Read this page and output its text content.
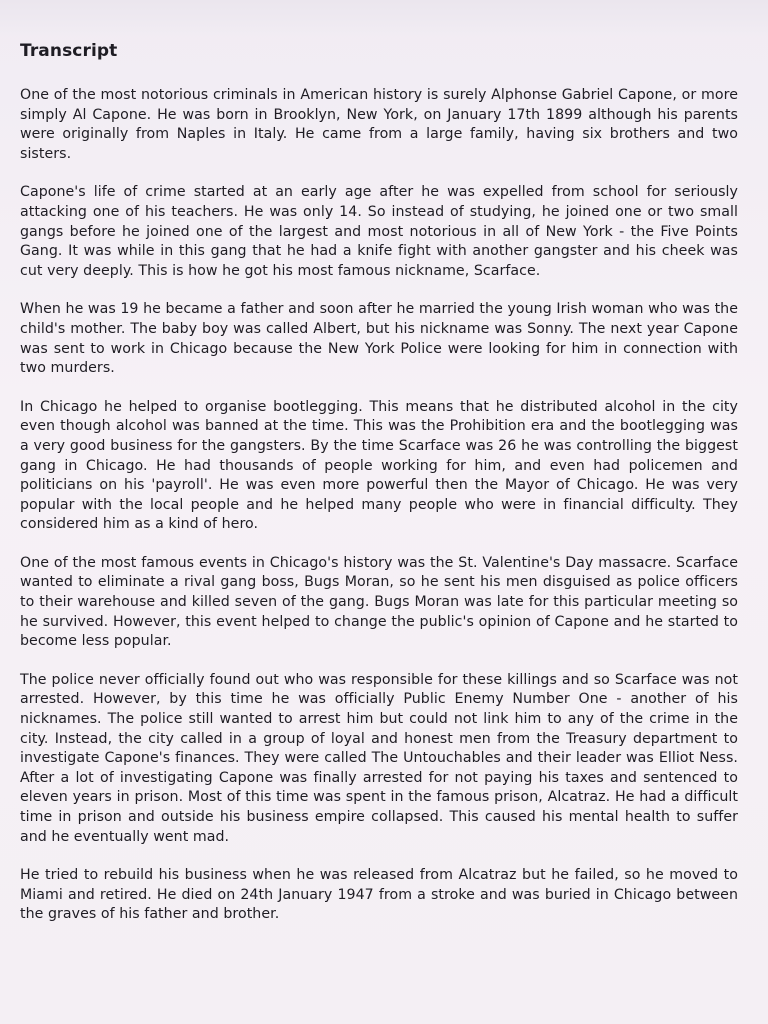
Transcript

One of the most notorious criminals in American history is surely Alphonse Gabriel Capone, or more simply Al Capone. He was born in Brooklyn, New York, on January 17th 1899 although his parents were originally from Naples in Italy. He came from a large family, having six brothers and two sisters.

Capone's life of crime started at an early age after he was expelled from school for seriously attacking one of his teachers. He was only 14. So instead of studying, he joined one or two small gangs before he joined one of the largest and most notorious in all of New York - the Five Points Gang. It was while in this gang that he had a knife fight with another gangster and his cheek was cut very deeply. This is how he got his most famous nickname, Scarface.

When he was 19 he became a father and soon after he married the young Irish woman who was the child's mother. The baby boy was called Albert, but his nickname was Sonny. The next year Capone was sent to work in Chicago because the New York Police were looking for him in connection with two murders.

In Chicago he helped to organise bootlegging. This means that he distributed alcohol in the city even though alcohol was banned at the time. This was the Prohibition era and the bootlegging was a very good business for the gangsters. By the time Scarface was 26 he was controlling the biggest gang in Chicago. He had thousands of people working for him, and even had policemen and politicians on his 'payroll'. He was even more powerful then the Mayor of Chicago. He was very popular with the local people and he helped many people who were in financial difficulty. They considered him as a kind of hero.

One of the most famous events in Chicago's history was the St. Valentine's Day massacre. Scarface wanted to eliminate a rival gang boss, Bugs Moran, so he sent his men disguised as police officers to their warehouse and killed seven of the gang. Bugs Moran was late for this particular meeting so he survived. However, this event helped to change the public's opinion of Capone and he started to become less popular.

The police never officially found out who was responsible for these killings and so Scarface was not arrested. However, by this time he was officially Public Enemy Number One - another of his nicknames. The police still wanted to arrest him but could not link him to any of the crime in the city. Instead, the city called in a group of loyal and honest men from the Treasury department to investigate Capone's finances. They were called The Untouchables and their leader was Elliot Ness. After a lot of investigating Capone was finally arrested for not paying his taxes and sentenced to eleven years in prison. Most of this time was spent in the famous prison, Alcatraz. He had a difficult time in prison and outside his business empire collapsed. This caused his mental health to suffer and he eventually went mad.

He tried to rebuild his business when he was released from Alcatraz but he failed, so he moved to Miami and retired. He died on 24th January 1947 from a stroke and was buried in Chicago between the graves of his father and brother.
